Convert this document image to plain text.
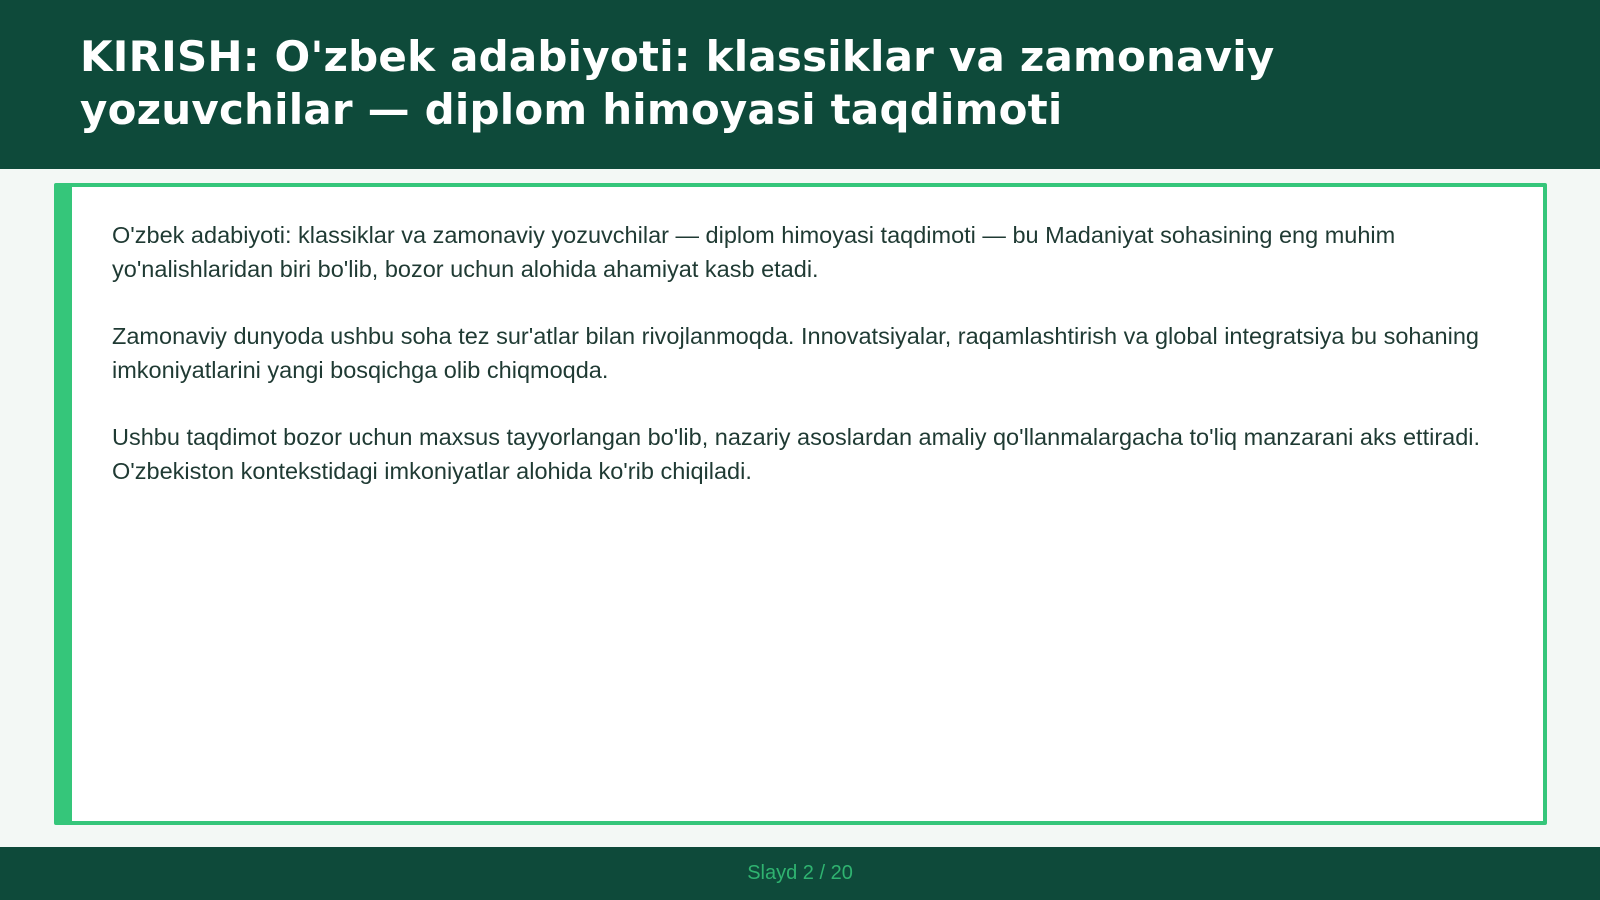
KIRISH: O'zbek adabiyoti: klassiklar va zamonaviy yozuvchilar — diplom himoyasi taqdimoti

O'zbek adabiyoti: klassiklar va zamonaviy yozuvchilar — diplom himoyasi taqdimoti — bu Madaniyat sohasining eng muhim yo'nalishlaridan biri bo'lib, bozor uchun alohida ahamiyat kasb etadi.

Zamonaviy dunyoda ushbu soha tez sur'atlar bilan rivojlanmoqda. Innovatsiyalar, raqamlashtirish va global integratsiya bu sohaning imkoniyatlarini yangi bosqichga olib chiqmoqda.

Ushbu taqdimot bozor uchun maxsus tayyorlangan bo'lib, nazariy asoslardan amaliy qo'llanmalargacha to'liq manzarani aks ettiradi. O'zbekiston kontekstidagi imkoniyatlar alohida ko'rib chiqiladi.

Slayd 2 / 20
